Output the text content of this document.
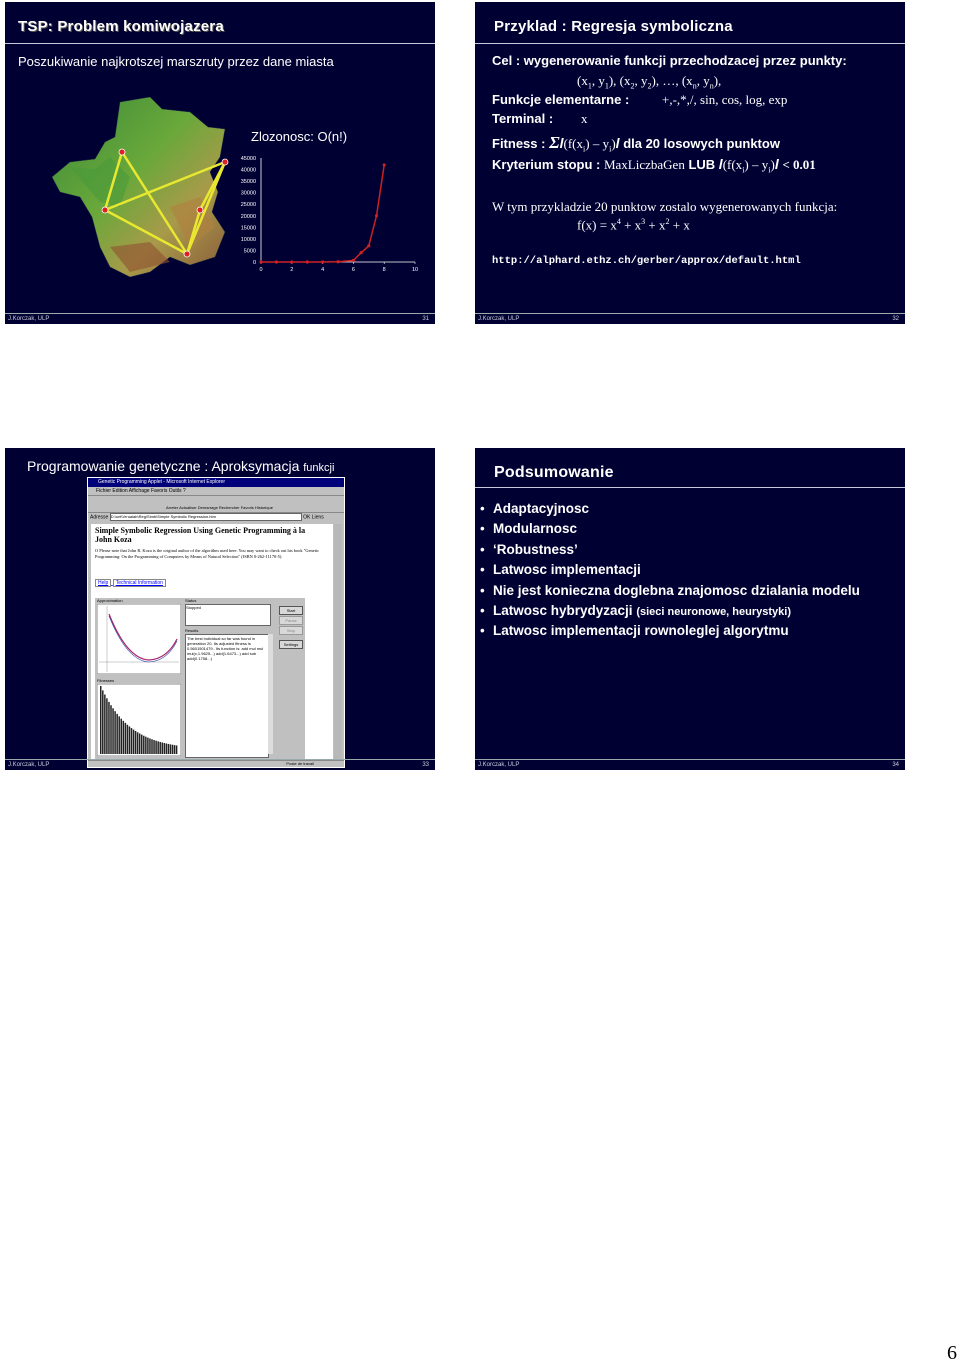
TSP: Problem komiwojazera
Poszukiwanie najkrotszej marszruty przez dane miasta
Zlozonosc: O(n!)
0
5000
10000
15000
20000
25000
30000
35000
40000
45000
0	2	4	6	8	10
J.Korczak, ULP	31
Przyklad : Regresja symboliczna
Cel : wygenerowanie funkcji przechodzacej przez punkty:
($x_1$, $y_1$), ($x_2$, $y_2$), …, ($x_n$, $y_n$),
Funkcje elementarne :	+,-,*,/, sin, cos, log, exp
Terminal : x
Fitness : $\Sigma l(f(x_i) - y_i)l$ dla 20 losowych punktow
Kryterium stopu : MaxLiczbaGen LUB $l(f(x_i) - y_i)l < 0.01$
W tym przykladzie 20 punktow zostalo wygenerowanych funkcja:
$f(x) = x^4 + x^3 + x^2 + x$
http://alphard.ethz.ch/gerber/approx/default.html
J.Korczak, ULP	32
Programowanie genetyczne : Aproksymacja funkcji
Genetic Programming Applet - Microsoft Internet Explorer
Fichier Edition Affichage Favoris Outils ?
Arreter Actualiser Demarrage Rechercher Favoris Historique
Adresse D:\unt\Vrrualab\Reg\Simb\Simple Symbolic Regression.htm	OK Liens
Simple Symbolic Regression Using Genetic Programming à la John Koza
O Please note that John R. Koza is the original author of the algorithm used here. You may want to check out his book "Genetic Programming: On the Programming of Computers by Means of Natural Selection" (ISBN 0-262-11170-5).
Help Technical Information
Approximation
Fitnesses
Status
Stopped
Results
The best individual so far was found in generation 20. Its adjusted fitness is 0.5601501479.. Its function is: add mul mul mul(x,1.9625...) add(1.6473...) add sub add(0.1758...)
Start
Pause
Stop
Settings
Poste de travail
J.Korczak, ULP	33
Podsumowanie
• Adaptacyjnosc
• Modularnosc
• ‘Robustness’
• Latwosc implementacji
• Nie jest konieczna doglebna znajomosc dzialania modelu
• Latwosc hybrydyzacji (sieci neuronowe, heurystyki)
• Latwosc implementacji rownoleglej algorytmu
J.Korczak, ULP	34
6
